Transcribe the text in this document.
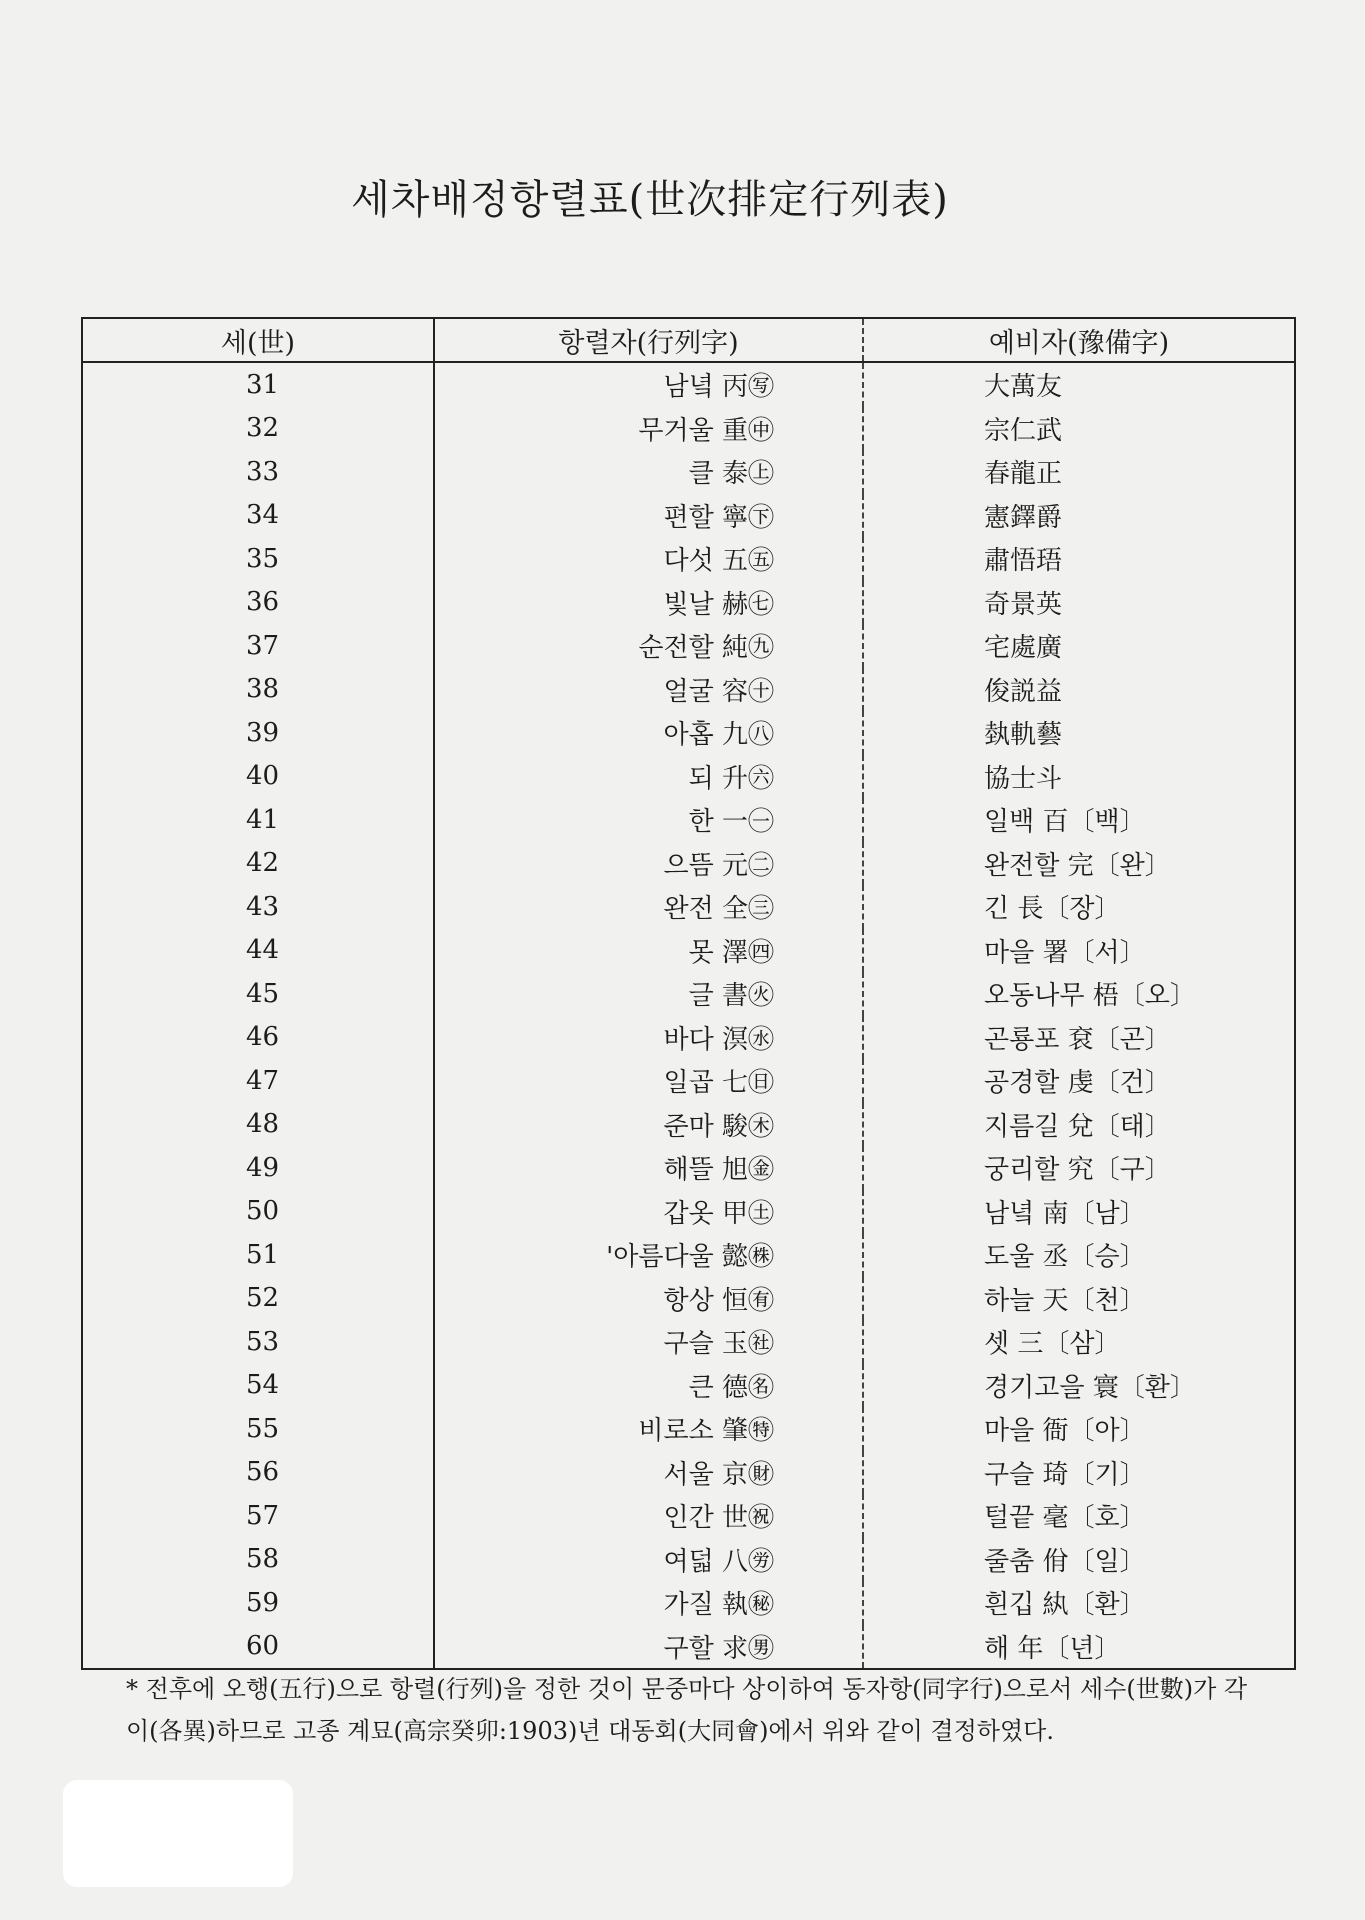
세차배정항렬표(世次排定行列表)
세(世)	항렬자(行列字)	예비자(豫備字)
31	남녘 丙㊢	大萬友
32	무거울 重㊥	宗仁武
33	클 泰㊤	春龍正
34	편할 寧㊦	憲鐸爵
35	다섯 五㊄	肅悟珸
36	빛날 赫㊆	奇景英
37	순전할 純㊈	宅處廣
38	얼굴 容㊉	俊説益
39	아홉 九㊇	埶軌藝
40	되 升㊅	協士斗
41	한 一㊀	일백 百〔백〕
42	으뜸 元㊁	완전할 完〔완〕
43	완전 全㊂	긴 長〔장〕
44	못 澤㊃	마을 署〔서〕
45	글 書㊋	오동나무 梧〔오〕
46	바다 溟㊌	곤룡포 袞〔곤〕
47	일곱 七㊐	공경할 虔〔건〕
48	준마 駿㊍	지름길 兌〔태〕
49	해뜰 旭㊎	궁리할 究〔구〕
50	갑옷 甲㊏	남녘 南〔남〕
51	'아름다울 懿㊑	도울 丞〔승〕
52	항상 恒㊒	하늘 天〔천〕
53	구슬 玉㊓	셋 三〔삼〕
54	큰 德㊔	경기고을 寰〔환〕
55	비로소 肇㊕	마을 衙〔아〕
56	서울 京㊖	구슬 琦〔기〕
57	인간 世㊗	털끝 毫〔호〕
58	여덟 八㊘	줄춤 佾〔일〕
59	가질 執㊙	흰깁 紈〔환〕
60	구할 求㊚	해 年〔년〕
* 전후에 오행(五行)으로 항렬(行列)을 정한 것이 문중마다 상이하여 동자항(同字行)으로서 세수(世數)가 각이(各異)하므로 고종 계묘(高宗癸卯:1903)년 대동회(大同會)에서 위와 같이 결정하였다.
